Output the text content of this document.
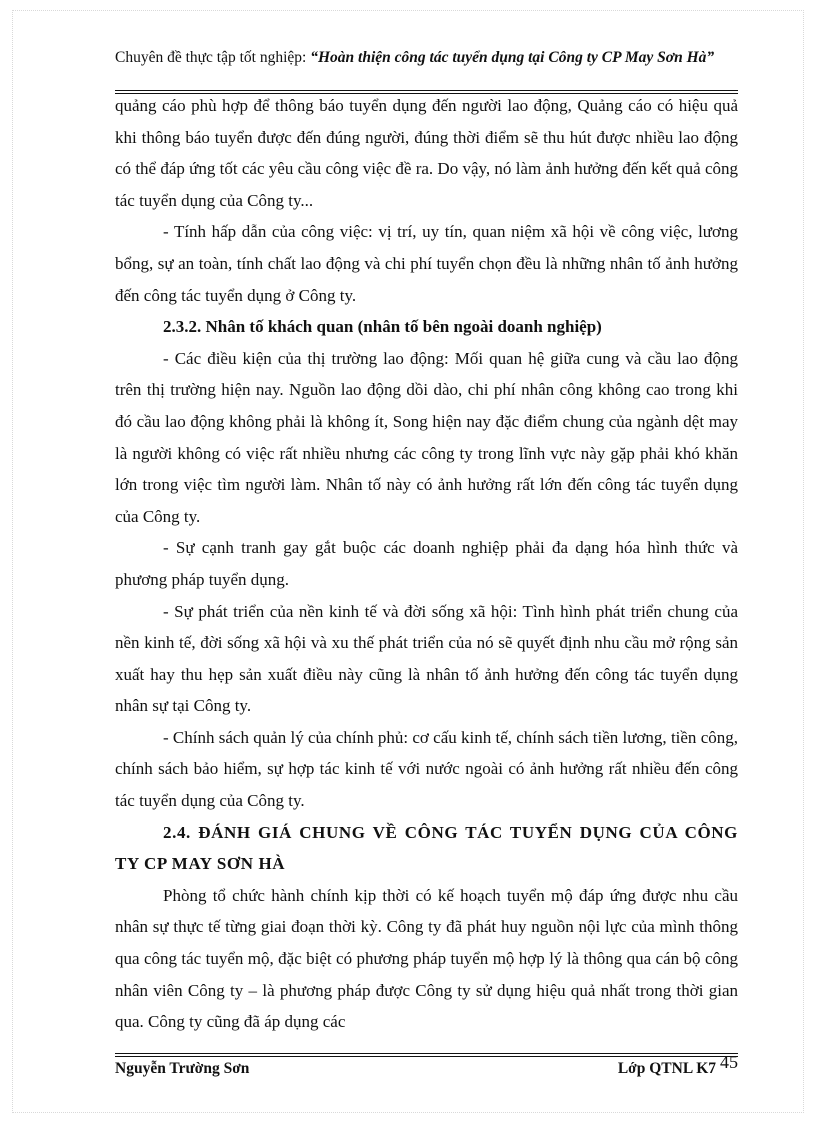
Chuyên đề thực tập tốt nghiệp: “Hoàn thiện công tác tuyển dụng tại Công ty CP May Sơn Hà”

quảng cáo phù hợp để thông báo tuyển dụng đến người lao động, Quảng cáo có hiệu quả khi thông báo tuyển được đến đúng người, đúng thời điểm sẽ thu hút được nhiều lao động có thể đáp ứng tốt các yêu cầu công việc đề ra. Do vậy, nó làm ảnh hưởng đến kết quả công tác tuyển dụng của Công ty...

- Tính hấp dẫn của công việc: vị trí, uy tín, quan niệm xã hội về công việc, lương bổng, sự an toàn, tính chất lao động và chi phí tuyển chọn đều là những nhân tố ảnh hưởng đến công tác tuyển dụng ở Công ty.

2.3.2. Nhân tố khách quan (nhân tố bên ngoài doanh nghiệp)

- Các điều kiện của thị trường lao động: Mối quan hệ giữa cung và cầu lao động trên thị trường hiện nay. Nguồn lao động dồi dào, chi phí nhân công không cao trong khi đó cầu lao động không phải là không ít, Song hiện nay đặc điểm chung của ngành dệt may là người không có việc rất nhiều nhưng các công ty trong lĩnh vực này gặp phải khó khăn lớn trong việc tìm người làm. Nhân tố này có ảnh hưởng rất lớn đến công tác tuyển dụng của Công ty.

- Sự cạnh tranh gay gắt buộc các doanh nghiệp phải đa dạng hóa hình thức và phương pháp tuyển dụng.

- Sự phát triển của nền kinh tế và đời sống xã hội: Tình hình phát triển chung của nền kinh tế, đời sống xã hội và xu thế phát triển của nó sẽ quyết định nhu cầu mở rộng sản xuất hay thu hẹp sản xuất điều này cũng là nhân tố ảnh hưởng đến công tác tuyển dụng nhân sự tại Công ty.

- Chính sách quản lý của chính phủ: cơ cấu kinh tế, chính sách tiền lương, tiền công, chính sách bảo hiểm, sự hợp tác kinh tế với nước ngoài có ảnh hưởng rất nhiều đến công tác tuyển dụng của Công ty.

2.4. ĐÁNH GIÁ CHUNG VỀ CÔNG TÁC TUYỂN DỤNG CỦA CÔNG TY CP MAY SƠN HÀ

Phòng tổ chức hành chính kịp thời có kế hoạch tuyển mộ đáp ứng được nhu cầu nhân sự thực tế từng giai đoạn thời kỳ. Công ty đã phát huy nguồn nội lực của mình thông qua công tác tuyển mộ, đặc biệt có phương pháp tuyển mộ hợp lý là thông qua cán bộ công nhân viên Công ty – là phương pháp được Công ty sử dụng hiệu quả nhất trong thời gian qua. Công ty cũng đã áp dụng các

Nguyễn Trường Sơn	Lớp QTNL K7 45
